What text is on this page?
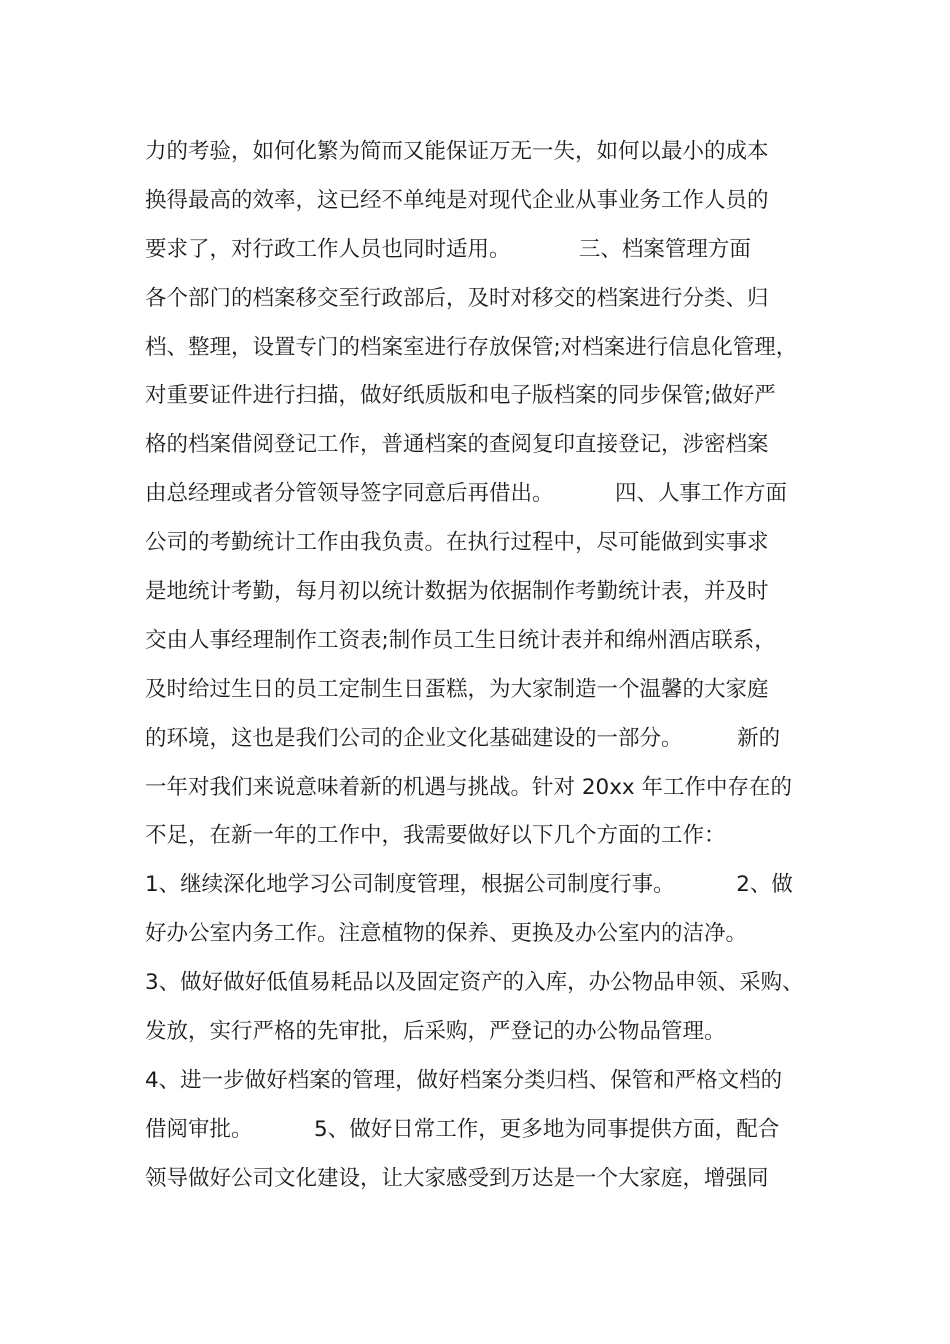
力的考验，如何化繁为简而又能保证万无一失，如何以最小的成本
换得最高的效率，这已经不单纯是对现代企业从事业务工作人员的
要求了，对行政工作人员也同时适用。          三、档案管理方面
各个部门的档案移交至行政部后，及时对移交的档案进行分类、归
档、整理，设置专门的档案室进行存放保管;对档案进行信息化管理，
对重要证件进行扫描，做好纸质版和电子版档案的同步保管;做好严
格的档案借阅登记工作，普通档案的查阅复印直接登记，涉密档案
由总经理或者分管领导签字同意后再借出。         四、人事工作方面
公司的考勤统计工作由我负责。在执行过程中，尽可能做到实事求
是地统计考勤，每月初以统计数据为依据制作考勤统计表，并及时
交由人事经理制作工资表;制作员工生日统计表并和绵州酒店联系，
及时给过生日的员工定制生日蛋糕，为大家制造一个温馨的大家庭
的环境，这也是我们公司的企业文化基础建设的一部分。        新的
一年对我们来说意味着新的机遇与挑战。针对 20xx 年工作中存在的
不足，在新一年的工作中，我需要做好以下几个方面的工作：
1、继续深化地学习公司制度管理，根据公司制度行事。         2、做
好办公室内务工作。注意植物的保养、更换及办公室内的洁净。
3、做好做好低值易耗品以及固定资产的入库，办公物品申领、采购、
发放，实行严格的先审批，后采购，严登记的办公物品管理。
4、进一步做好档案的管理，做好档案分类归档、保管和严格文档的
借阅审批。         5、做好日常工作，更多地为同事提供方面，配合
领导做好公司文化建设，让大家感受到万达是一个大家庭，增强同
